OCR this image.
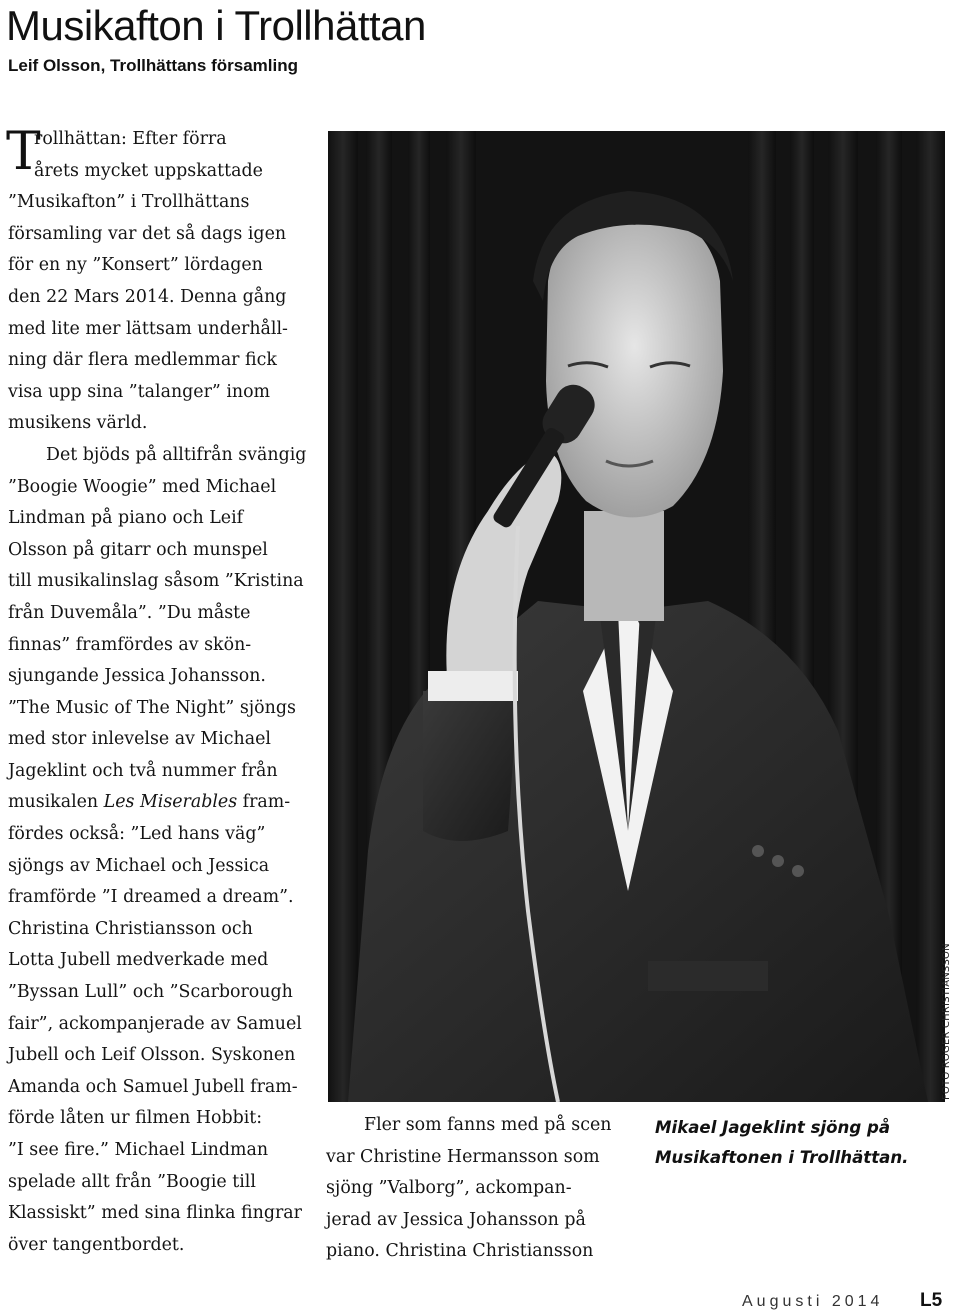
Musikafton i Trollhättan
Leif Olsson, Trollhättans församling
T
rollhättan: Efter förra
årets mycket uppskattade
”Musikafton” i Trollhättans
församling var det så dags igen
för en ny ”Konsert” lördagen
den 22 Mars 2014. Denna gång
med lite mer lättsam underhåll-
ning där flera medlemmar fick
visa upp sina ”talanger” inom
musikens värld.
Det bjöds på alltifrån svängig
”Boogie Woogie” med Michael
Lindman på piano och Leif
Olsson på gitarr och munspel
till musikalinslag såsom ”Kristina
från Duvemåla”. ”Du måste
finnas” framfördes av skön-
sjungande Jessica Johansson.
”The Music of The Night” sjöngs
med stor inlevelse av Michael
Jageklint och två nummer från
musikalen Les Miserables fram-
fördes också: ”Led hans väg”
sjöngs av Michael och Jessica
framförde ”I dreamed a dream”.
Christina Christiansson och
Lotta Jubell medverkade med
”Byssan Lull” och ”Scarborough
fair”, ackompanjerade av Samuel
Jubell och Leif Olsson. Syskonen
Amanda och Samuel Jubell fram-
förde låten ur filmen Hobbit:
”I see fire.” Michael Lindman
spelade allt från ”Boogie till
Klassiskt” med sina flinka fingrar
över tangentbordet.
Fler som fanns med på scen
var Christine Hermansson som
sjöng ”Valborg”, ackompan-
jerad av Jessica Johansson på
piano. Christina Christiansson
Mikael Jageklint sjöng på
Musikaftonen i Trollhättan.
FOTO ROGER CHRISTIANSSON
Augusti 2014 L5
